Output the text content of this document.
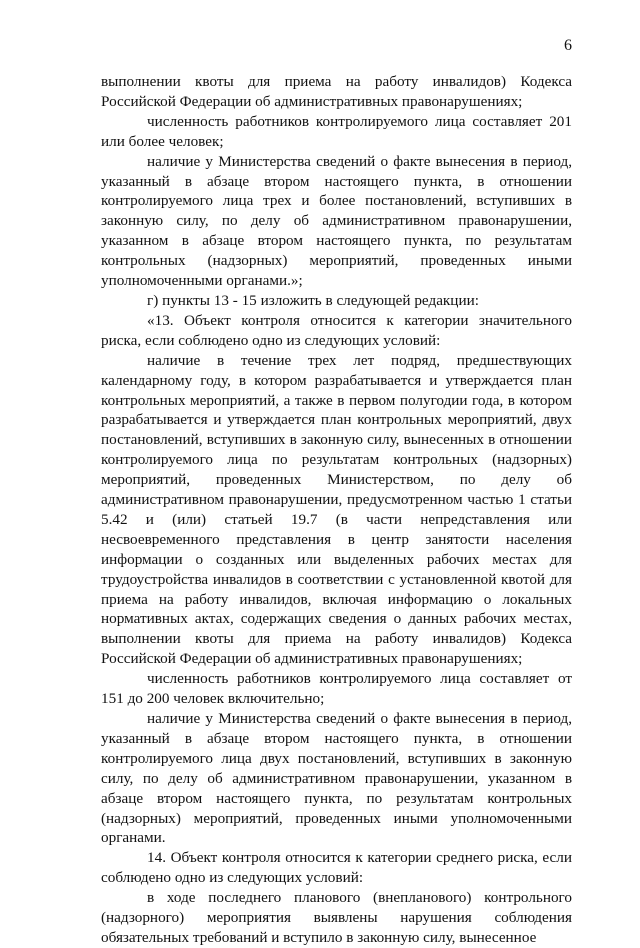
6

выполнении квоты для приема на работу инвалидов) Кодекса Российской Федерации об административных правонарушениях;

численность работников контролируемого лица составляет 201 или более человек;

наличие у Министерства сведений о факте вынесения в период, указанный в абзаце втором настоящего пункта, в отношении контролируемого лица трех и более постановлений, вступивших в законную силу, по делу об административном правонарушении, указанном в абзаце втором настоящего пункта, по результатам контрольных (надзорных) мероприятий, проведенных иными уполномоченными органами.»;

г) пункты 13 - 15 изложить в следующей редакции:

«13. Объект контроля относится к категории значительного риска, если соблюдено одно из следующих условий:

наличие в течение трех лет подряд, предшествующих календарному году, в котором разрабатывается и утверждается план контрольных мероприятий, а также в первом полугодии года, в котором разрабатывается и утверждается план контрольных мероприятий, двух постановлений, вступивших в законную силу, вынесенных в отношении контролируемого лица по результатам контрольных (надзорных) мероприятий, проведенных Министерством, по делу об административном правонарушении, предусмотренном частью 1 статьи 5.42 и (или) статьей 19.7 (в части непредставления или несвоевременного представления в центр занятости населения информации о созданных или выделенных рабочих местах для трудоустройства инвалидов в соответствии с установленной квотой для приема на работу инвалидов, включая информацию о локальных нормативных актах, содержащих сведения о данных рабочих местах, выполнении квоты для приема на работу инвалидов) Кодекса Российской Федерации об административных правонарушениях;

численность работников контролируемого лица составляет от 151 до 200 человек включительно;

наличие у Министерства сведений о факте вынесения в период, указанный в абзаце втором настоящего пункта, в отношении контролируемого лица двух постановлений, вступивших в законную силу, по делу об административном правонарушении, указанном в абзаце втором настоящего пункта, по результатам контрольных (надзорных) мероприятий, проведенных иными уполномоченными органами.

14. Объект контроля относится к категории среднего риска, если соблюдено одно из следующих условий:

в ходе последнего планового (внепланового) контрольного (надзорного) мероприятия выявлены нарушения соблюдения обязательных требований и вступило в законную силу, вынесенное
